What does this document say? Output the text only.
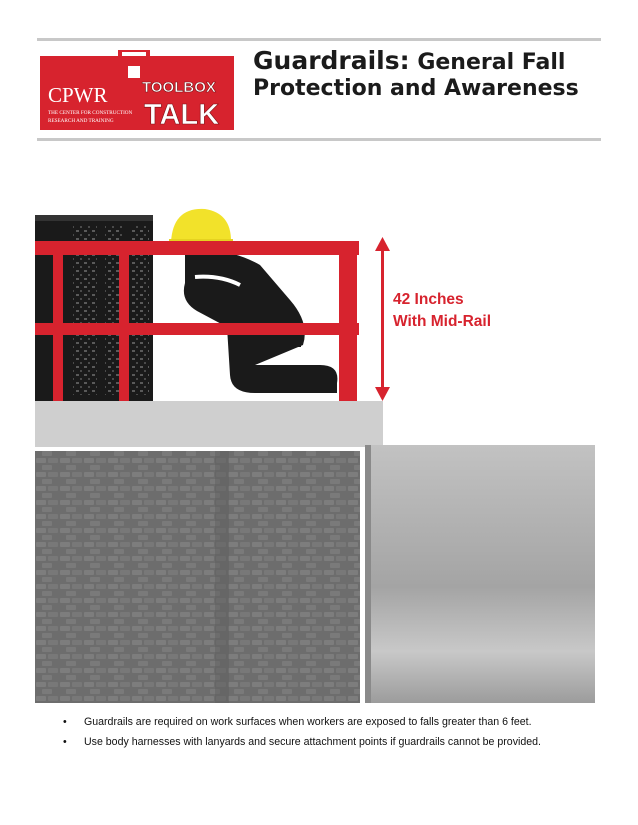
CPWR
THE CENTER FOR CONSTRUCTION
RESEARCH AND TRAINING
TOOLBOX
TALK
Guardrails: General Fall
Protection and Awareness
42 Inches
With Mid-Rail
• Guardrails are required on work surfaces when workers are exposed to falls greater than 6 feet.
• Use body harnesses with lanyards and secure attachment points if guardrails cannot be provided.
